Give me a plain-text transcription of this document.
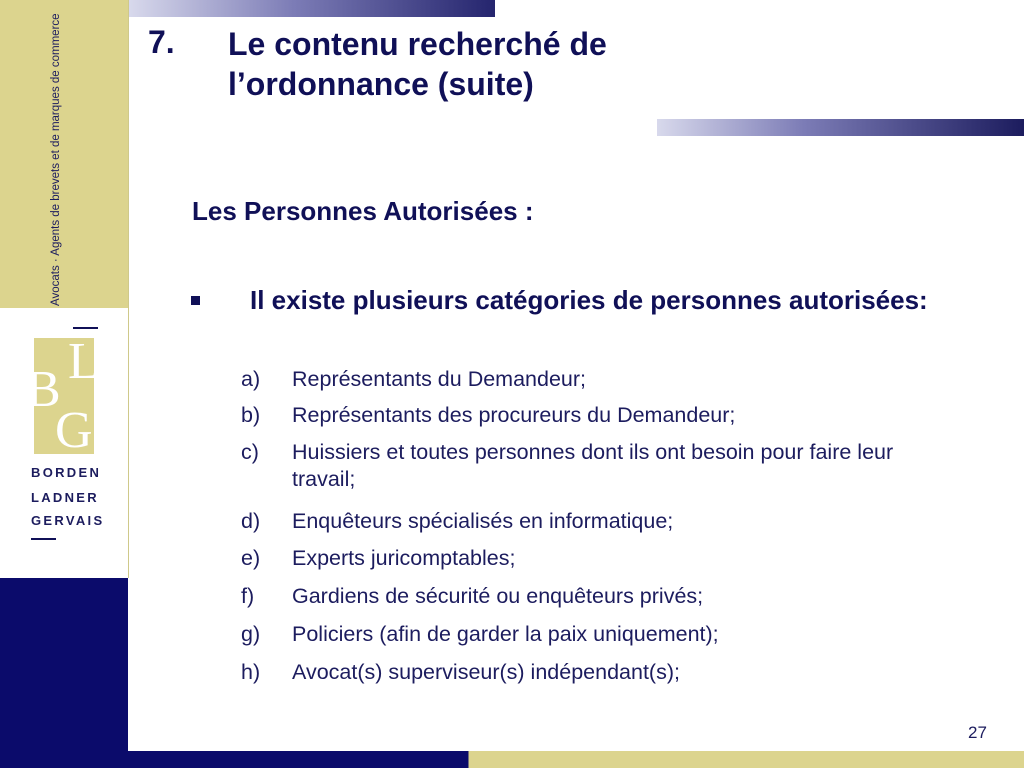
Avocats · Agents de brevets et de marques de commerce
B L
G
BORDEN
LADNER
GERVAIS
7. Le contenu recherché de l’ordonnance (suite)
Les Personnes Autorisées :
Il existe plusieurs catégories de personnes autorisées:
a) Représentants du Demandeur;
b) Représentants des procureurs du Demandeur;
c) Huissiers et toutes personnes dont ils ont besoin pour faire leur travail;
d) Enquêteurs spécialisés en informatique;
e) Experts juricomptables;
f) Gardiens de sécurité ou enquêteurs privés;
g) Policiers (afin de garder la paix uniquement);
h) Avocat(s) superviseur(s) indépendant(s);
27
